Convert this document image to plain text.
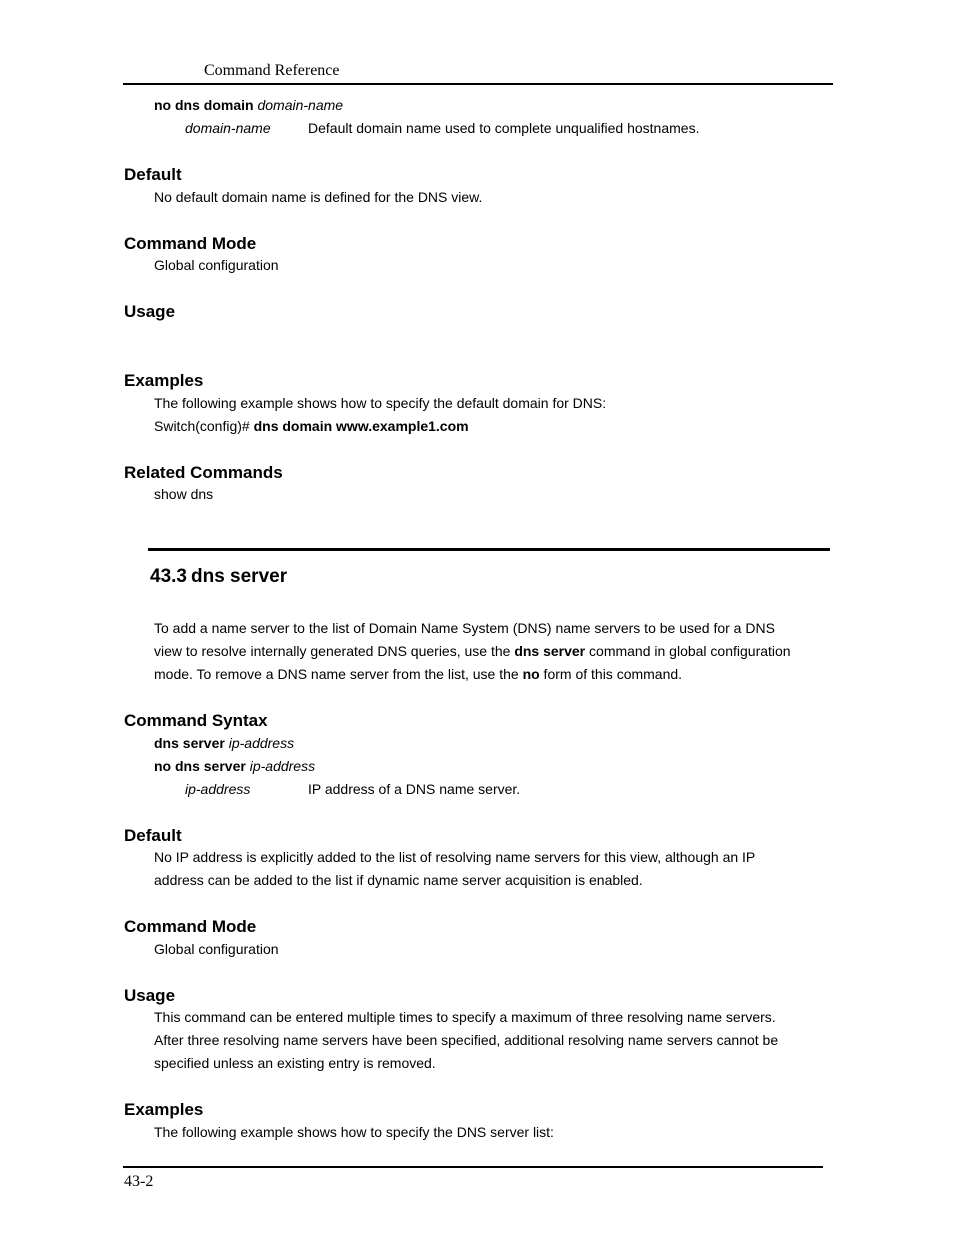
Command Reference
no dns domain domain-name
domain-name	Default domain name used to complete unqualified hostnames.
Default
No default domain name is defined for the DNS view.
Command Mode
Global configuration
Usage
Examples
The following example shows how to specify the default domain for DNS:
Switch(config)# dns domain www.example1.com
Related Commands
show dns
43.3 dns server
To add a name server to the list of Domain Name System (DNS) name servers to be used for a DNS
view to resolve internally generated DNS queries, use the dns server command in global configuration
mode. To remove a DNS name server from the list, use the no form of this command.
Command Syntax
dns server ip-address
no dns server ip-address
ip-address	IP address of a DNS name server.
Default
No IP address is explicitly added to the list of resolving name servers for this view, although an IP
address can be added to the list if dynamic name server acquisition is enabled.
Command Mode
Global configuration
Usage
This command can be entered multiple times to specify a maximum of three resolving name servers.
After three resolving name servers have been specified, additional resolving name servers cannot be
specified unless an existing entry is removed.
Examples
The following example shows how to specify the DNS server list:
43-2
